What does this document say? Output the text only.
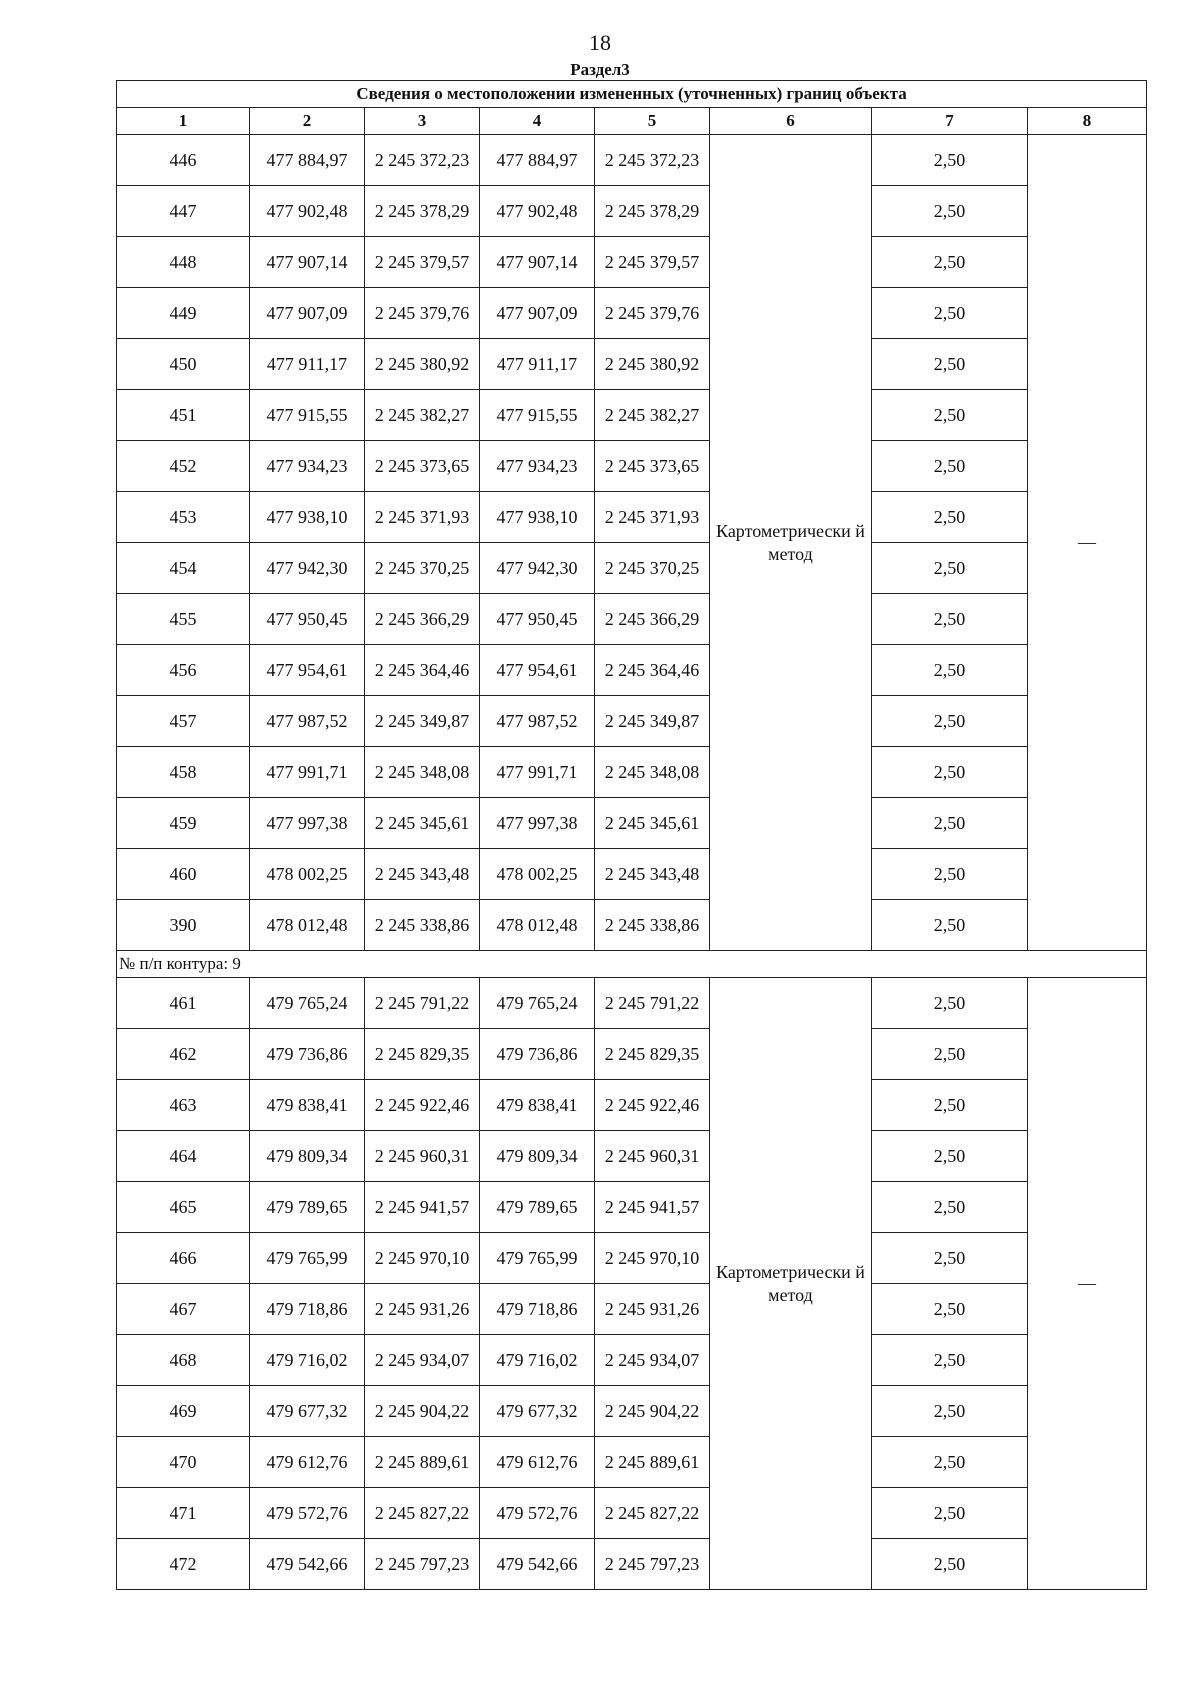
18
Раздел3
Сведения о местоположении измененных (уточненных) границ объекта							
1	2	3	4	5	6	7	8
446	477 884,97	2 245 372,23	477 884,97	2 245 372,23	Картометрически й метод	2,50	—
447	477 902,48	2 245 378,29	477 902,48	2 245 378,29		2,50	
448	477 907,14	2 245 379,57	477 907,14	2 245 379,57		2,50	
449	477 907,09	2 245 379,76	477 907,09	2 245 379,76		2,50	
450	477 911,17	2 245 380,92	477 911,17	2 245 380,92		2,50	
451	477 915,55	2 245 382,27	477 915,55	2 245 382,27		2,50	
452	477 934,23	2 245 373,65	477 934,23	2 245 373,65		2,50	
453	477 938,10	2 245 371,93	477 938,10	2 245 371,93		2,50	
454	477 942,30	2 245 370,25	477 942,30	2 245 370,25		2,50	
455	477 950,45	2 245 366,29	477 950,45	2 245 366,29		2,50	
456	477 954,61	2 245 364,46	477 954,61	2 245 364,46		2,50	
457	477 987,52	2 245 349,87	477 987,52	2 245 349,87		2,50	
458	477 991,71	2 245 348,08	477 991,71	2 245 348,08		2,50	
459	477 997,38	2 245 345,61	477 997,38	2 245 345,61		2,50	
460	478 002,25	2 245 343,48	478 002,25	2 245 343,48		2,50	
390	478 012,48	2 245 338,86	478 012,48	2 245 338,86		2,50	
№ п/п контура: 9							
461	479 765,24	2 245 791,22	479 765,24	2 245 791,22	Картометрически й метод	2,50	—
462	479 736,86	2 245 829,35	479 736,86	2 245 829,35		2,50	
463	479 838,41	2 245 922,46	479 838,41	2 245 922,46		2,50	
464	479 809,34	2 245 960,31	479 809,34	2 245 960,31		2,50	
465	479 789,65	2 245 941,57	479 789,65	2 245 941,57		2,50	
466	479 765,99	2 245 970,10	479 765,99	2 245 970,10		2,50	
467	479 718,86	2 245 931,26	479 718,86	2 245 931,26		2,50	
468	479 716,02	2 245 934,07	479 716,02	2 245 934,07		2,50	
469	479 677,32	2 245 904,22	479 677,32	2 245 904,22		2,50	
470	479 612,76	2 245 889,61	479 612,76	2 245 889,61		2,50	
471	479 572,76	2 245 827,22	479 572,76	2 245 827,22		2,50	
472	479 542,66	2 245 797,23	479 542,66	2 245 797,23		2,50	
